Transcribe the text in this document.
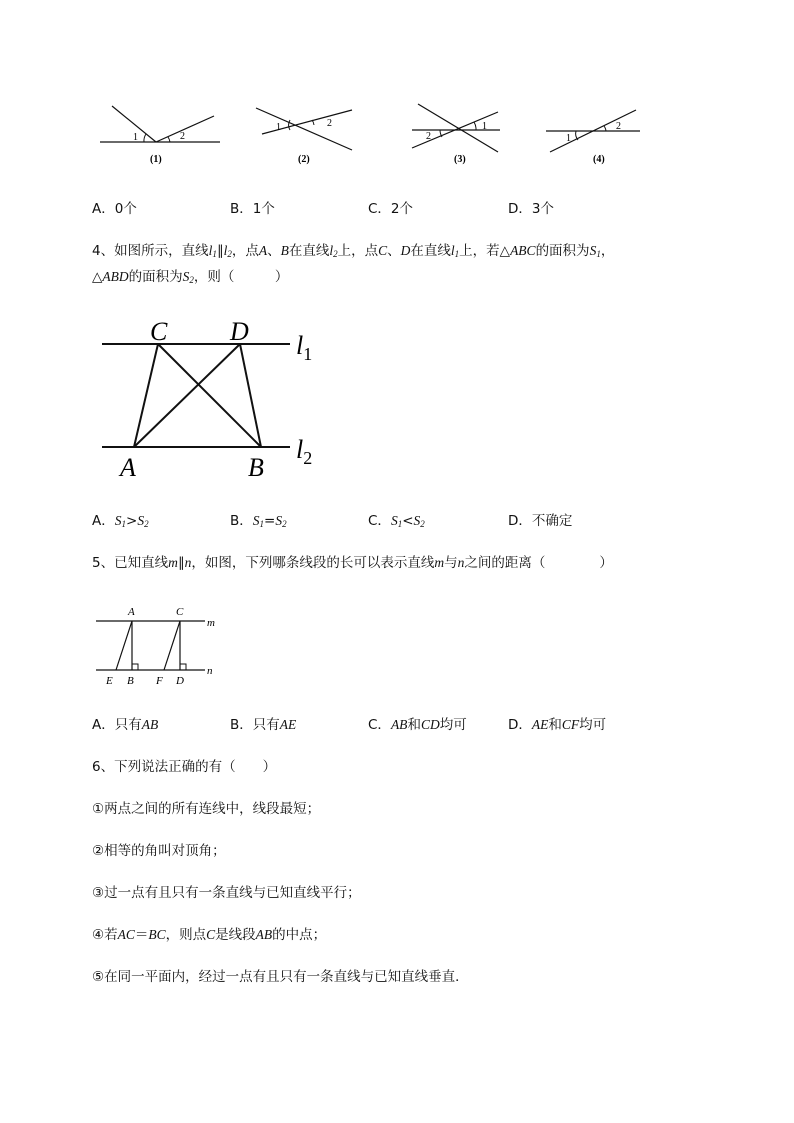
1	2
(1)
1	2
(2)
2
1
(3)
1
2
(4)
A．0个	B．1个	C．2个	D．3个
4、如图所示，直线$l_1\parallel l_2$，点A、B在直线$l_2$上，点C、D在直线$l_1$上，若△ABC的面积为$S_1$，
△ABD的面积为$S_2$，则（　　　）
C D
A	B
$l_1$
$l_2$
A．$S_1>S_2$	B．$S_1=S_2$	C．$S_1<S_2$	D．不确定
5、已知直线m∥n，如图，下列哪条线段的长可以表示直线m与n之间的距离（　　　　）
A	C
m
n
E B F D
A．只有AB	B．只有AE	C．AB和CD均可	D．AE和CF均可
6、下列说法正确的有（　　）
①两点之间的所有连线中，线段最短；
②相等的角叫对顶角；
③过一点有且只有一条直线与已知直线平行；
④若AC＝BC，则点C是线段AB的中点；
⑤在同一平面内，经过一点有且只有一条直线与已知直线垂直．
